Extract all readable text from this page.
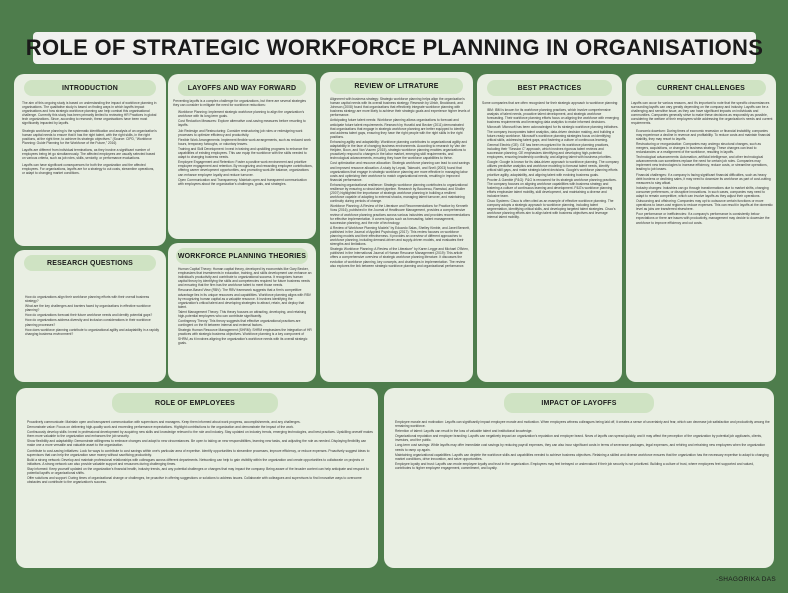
ROLE OF STRATEGIC WORKFORCE PLANNING IN ORGANISATIONS
INTRODUCTION

The aim of this ongoing study is based on understanding the impact of workforce planning in organisations. The qualitative study is based on finding ways in which layoffs impact organisations and how strategic workforce planning can help combat this organisational challenge. Currently this study has been primarily limited to reviewing HR Practices in global tech organizations. Since, according to research, these organisations have been most significantly impacted by layoffs.

Strategic workforce planning is the systematic identification and analysis of an organization's human capital needs to ensure that it has the right talent, with the right skills, in the right positions, at the right time, to achieve its strategic objectives." (Source: CIPD, "Workforce Planning: Guide Planning for the Workforce of the Future," 2016)

Layoffs are different from individual terminations, as they involve a significant number of employees being let go simultaneously. The affected employees are usually selected based on various criteria, such as job roles, skills, seniority, or performance evaluations.

Layoffs can have significant consequences for both the organization and the affected employees. For organizations, layoffs are for a strategy to cut costs, streamline operations, or adapt to changing market conditions.

RESEARCH QUESTIONS
• How do organizations align their workforce planning efforts with their overall business strategy?
• What are the key challenges and barriers faced by organizations in effective workforce planning?
• How do organizations forecast their future workforce needs and identify potential gaps?
• How do organizations address diversity and inclusion considerations in their workforce planning processes?
• How does workforce planning contribute to organizational agility and adaptability in a rapidly changing business environment?
LAYOFFS AND WAY FORWARD

Preventing layoffs is a complex challenge for organizations, but there are several strategies they can consider to mitigate the need for workforce reductions:

• Workforce Planning: Implement strategic workforce planning to align the organization's workforce with its long-term goals.
• Cost Reduction Measures: Explore alternative cost-saving measures before resorting to layoffs.
• Job Redesign and Restructuring: Consider restructuring job roles or redesigning work processes to optimize efficiency and productivity.
• Flexible Work Arrangements: Implement flexible work arrangements, such as reduced work hours, temporary furloughs, or voluntary leaves.
• Training and Skill Development: Invest in training and upskilling programs to enhance the capabilities of existing employees. This can equip the workforce with the skills needed to adapt to changing business needs.
• Employee Engagement and Retention: Foster a positive work environment and prioritize employee engagement and retention. By recognizing and rewarding employee contributions, offering career development opportunities, and promoting work-life balance, organizations can enhance employee loyalty and reduce turnover.
• Open Communication and Transparency: Maintain open and transparent communication with employees about the organization's challenges, goals, and strategies.
WORKFORCE PLANNING THEORIES
• Human Capital Theory: Human capital theory, developed by economists like Gary Becker, emphasizes that investments in education, training, and skills development can enhance an individual's productivity and contribute to organizational success. It recognizes human capital theory by identifying the skills and competencies required for future business needs and ensuring that the firm has the workforce talent to meet those needs.
• Resource-Based View (RBV): The RBV framework suggests that a firm's competitive advantage lies in its unique resources and capabilities. Workforce planning aligns with RBV by recognizing human capital as a valuable resource. It involves identifying the organization's critical talent and developing strategies to attract, retain, and deploy that talent.
• Talent Management Theory: This theory focuses on attracting, developing, and retaining high-potential employees who can contribute significantly.
• Contingency Theory: This theory suggests that effective organizational practices are contingent on the fit between internal and external factors.
• Strategic Human Resource Management (SHRM): SHRM emphasizes the integration of HR practices with strategic business objectives. Workforce planning is a key component of SHRM, as it involves aligning the organization's workforce needs with its overall strategic goals.
REVIEW OF LITRATURE
• Alignment with business strategy: Strategic workforce planning helps align the organization's human capital needs with its overall business strategy. Research by Ulrich, Brockbank, and Johnson (2008) found that organizations that effectively integrate workforce planning with business strategy are more likely to achieve their strategic goals and experience higher levels of performance.
• Anticipating future talent needs: Workforce planning allows organizations to forecast and anticipate future talent requirements. Research by Huselid and Becker (2011) demonstrated that organizations that engage in strategic workforce planning are better equipped to identify and address talent gaps, ensuring they have the right people with the right skills in the right positions.
• Enhancing agility and adaptability: Workforce planning contributes to organizational agility and adaptability in the face of changing business environments. According to research by Van der Heijden, Boon, and Van Vuuren (2015), strategic workforce planning enables organizations to proactively respond to changes in the labor market, emerging skill requirements, and technological advancements, ensuring they have the workforce capabilities to thrive.
• Cost optimization and resource allocation: Strategic workforce planning can lead to cost savings and improved resource allocation. A study by Lepak, Takeuchi, and Snell (2003) found that organizations that engage in strategic workforce planning are more effective in managing labor costs and optimizing their workforce to match organizational needs, resulting in improved financial performance.
• Enhancing organizational resilience: Strategic workforce planning contributes to organizational resilience by ensuring a robust talent pipeline. Research by Boudreau, Ramstad, and Shuller (2007) highlighted the importance of strategic workforce planning in building a resilient workforce capable of adapting to external shocks, managing talent turnover, and maintaining continuity during periods of change.
• Workforce Planning: A Review of the Literature and Recommendations for Practice by Kenneth Voss (2016), published in the Journal of Healthcare Management, provides a comprehensive review of workforce planning practices across various industries and provides recommendations for effective implementation. It covers topics such as forecasting, talent management, succession planning, and the role of technology.
• A Review of Workforce Planning Models" by Eduardo Salas, Shelley Kimble, and Janet Bennett, published in the Journal of Applied Psychology (2017): This review focuses on workforce planning models and their effectiveness. It provides an overview of different approaches to workforce planning, including demand-driven and supply-driven models, and evaluates their strengths and limitations.
• Strategic Workforce Planning: A Review of the Literature" by Karen Legge and Michael O'Brien, published in the International Journal of Human Resource Management (2019): This article offers a comprehensive overview of strategic workforce planning literature. It discusses the evolution of workforce planning, key concepts, and challenges in implementation. The review also explores the link between strategic workforce planning and organizational performance.
BEST PRACTICES

Some companies that are often recognized for their strategic approach to workforce planning:

• IBM: IBM is known for its workforce planning practices, which involve comprehensive analysis of talent needs, proactive talent development, and strategic workforce forecasting. Their workforce planning efforts focus on aligning the workforce with emerging business requirements and leveraging data analytics to make informed decisions.
• Microsoft: Microsoft has been acknowledged for its strategic workforce planning initiatives. The company incorporates talent analytics, data-driven decision making, and building a future-ready workforce. Microsoft's workforce planning strategies focus on identifying critical skills, addressing talent gaps, and fostering a culture of continuous learning.
• General Electric (GE): GE has been recognized for its workforce planning practices, including their "Session C" approach, which involves rigorous talent reviews and succession planning. GE emphasizes identifying and developing high-potential employees, ensuring leadership continuity, and aligning talent with business priorities.
• Google: Google is known for its data-driven approach to workforce planning. The company utilizes predictive analytics and workforce modeling to forecast talent needs, identify critical skill gaps, and make strategic talent decisions. Google's workforce planning efforts prioritize agility, adaptability, and aligning talent with evolving business goals.
• Procter & Gamble (P&G): P&G is renowned for its strategic workforce planning practices. The company focuses on aligning workforce capabilities with business strategy and fostering a culture of continuous learning and development. P&G's workforce planning efforts emphasize talent mobility, skill development, and maintaining a diverse and inclusive team.
• Cisco Systems: Cisco is often cited as an example of effective workforce planning. The company adopts a strategic approach to workforce planning, including talent segmentation, identifying critical skills, and developing targeted talent strategies. Cisco's workforce planning efforts aim to align talent with business objectives and leverage internal talent mobility.
CURRENT CHALLENGES

Layoffs can occur for various reasons, and it's important to note that the specific circumstances surrounding layoffs can vary greatly depending on the company and industry. Layoffs can be a challenging and sensitive issue, as they can have significant impacts on individuals and communities. Companies generally strive to make these decisions as responsibly as possible, considering the welfare of their employees while addressing the organization's needs and current requirements.

• Economic downturn: During times of economic recession or financial instability, companies may experience a decline in revenue and profitability. To reduce costs and maintain financial stability, they may resort to layoffs.
• Restructuring or reorganization: Companies may undergo structural changes, such as mergers, acquisitions, or changes in business strategy. These changes can lead to redundancies or a realignment of the workforce, resulting in layoffs.
• Technological advancements: Automation, artificial intelligence, and other technological advancements can sometimes replace the need for certain job roles. Companies may implement new technologies to increase efficiency, reduce costs, or streamline operations, leading to job losses.
• Financial challenges: If a company is facing significant financial difficulties, such as heavy debt burdens or declining sales, it may need to downsize its workforce as part of cost-cutting measures to stay afloat.
• Industry changes: Industries can go through transformations due to market shifts, changing consumer preferences, or disruptive innovations. In such cases, companies may need to adapt to remain competitive, which can involve layoffs as they adjust their operations.
• Outsourcing and offshoring: Companies may opt to outsource certain functions or move operations to lower-cost regions to reduce expenses. This can result in layoffs at the domestic level as jobs are transferred elsewhere.
• Poor performance or inefficiencies: If a company's performance is consistently below expectations or there are issues with productivity, management may decide to downsize the workforce to improve efficiency and cut costs.
ROLE OF EMPLOYEES
• Proactively communicate: Maintain open and transparent communication with supervisors and managers. Keep them informed about work progress, accomplishments, and any challenges.
• Demonstrate value: Focus on delivering high-quality work and exceeding performance expectations. Highlight contributions to the organization and demonstrate the impact of the work.
• Continuously develop skills: Invest in professional development by acquiring new skills and knowledge relevant to the role and industry. Stay updated on industry trends, emerging technologies, and best practices. Upskilling oneself makes them more valuable to the organization and enhances the job security.
• Show flexibility and adaptability: Demonstrate willingness to embrace changes and adapt to new circumstances. Be open to taking on new responsibilities, learning new tasks, and adjusting the role as needed. Displaying flexibility can make one a more versatile and valuable asset to the organization.
• Contribute to cost-saving initiatives: Look for ways to contribute to cost savings within one's particular area of expertise. Identify opportunities to streamline processes, improve efficiency, or reduce expenses. Proactively suggest ideas to supervisors that can help the organization save money without sacrificing productivity.
• Build a strong network: Develop and maintain professional relationships with colleagues across different departments. Networking can help to gain visibility within the organization and create opportunities to collaborate on projects or initiatives. A strong network can also provide valuable support and resources during challenging times.
• Stay informed: Keep yourself updated on the organization's financial health, industry trends, and any potential challenges or changes that may impact the company. Being aware of the broader context can help anticipate and respond to potential layoffs or organizational shifts.
• Offer solutions and support: During times of organizational change or challenges, be proactive in offering suggestions or solutions to address issues. Collaborate with colleagues and supervisors to find innovative ways to overcome obstacles and contribute to the organization's success.
IMPACT OF LAYOFFS
• Employee morale and motivation: Layoffs can significantly impact employee morale and motivation. When employees witness colleagues being laid off, it creates a sense of uncertainty and fear, which can decrease job satisfaction and productivity among the remaining workforce.
• Retention of talent: Layoffs can result in the loss of valuable talent and institutional knowledge.
• Organizational reputation and employer branding: Layoffs can negatively impact an organization's reputation and employer brand. News of layoffs can spread quickly, and it may affect the perception of the organization by potential job applicants, clients, investors, and the public.
• Long-term cost savings: While layoffs may offer immediate cost savings by reducing payroll expenses, they can also incur significant costs in terms of severance packages, legal expenses, and rehiring and retraining new employees when the organization needs to ramp up again.
• Maintaining organizational capabilities: Layoffs can deplete the workforce skills and capabilities needed to achieve business objectives. Retaining a skilled and diverse workforce ensures that the organization has the necessary expertise to adapt to changing market conditions, drive innovation, and seize opportunities.
• Employee loyalty and trust: Layoffs can erode employee loyalty and trust in the organization. Employees may feel betrayed or undervalued if their job security is not prioritized. Building a culture of trust, where employees feel supported and valued, contributes to higher employee engagement, commitment, and loyalty.
-SHAGORIKA DAS
